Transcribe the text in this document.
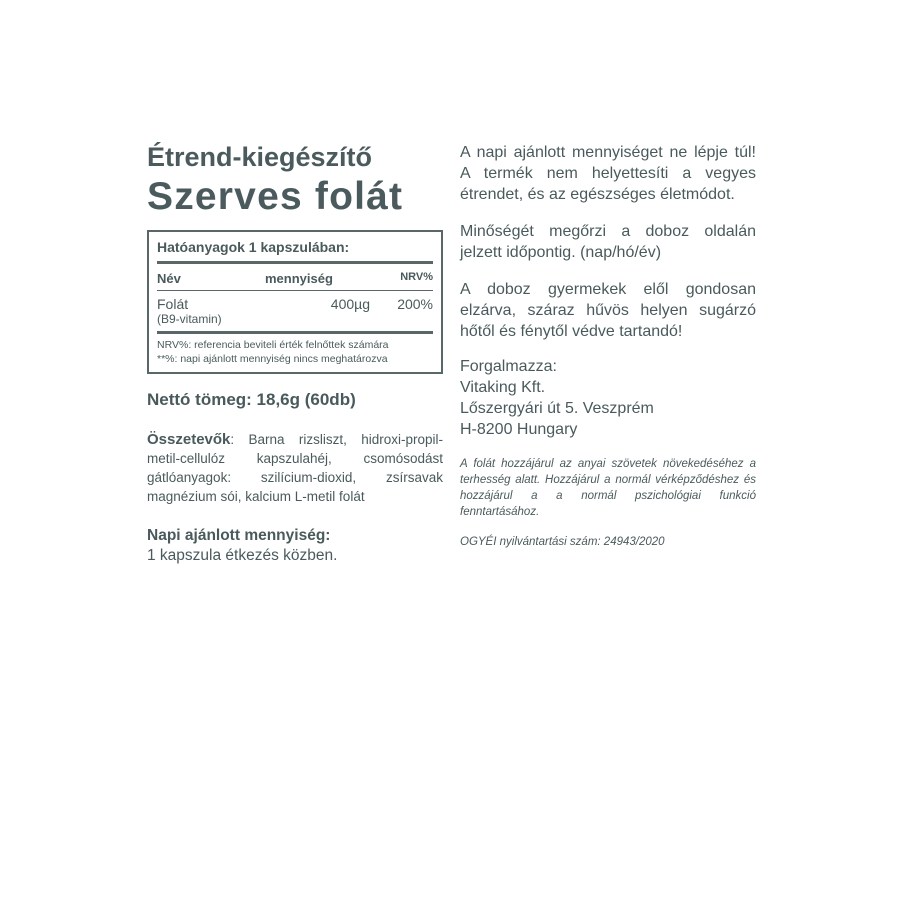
Étrend-kiegészítő
Szerves folát
Hatóanyagok 1 kapszulában:
Név	mennyiség	NRV%
Folát	400µg	200%
(B9-vitamin)
NRV%: referencia beviteli érték felnőttek számára
**%: napi ajánlott mennyiség nincs meghatározva
Nettó tömeg: 18,6g (60db)
Összetevők: Barna rizsliszt, hidroxi-propil-metil-cellulóz kapszulahéj, csomósodást gátlóanyagok: szilícium-dioxid, zsírsavak magnézium sói, kalcium L-metil folát
Napi ajánlott mennyiség:
1 kapszula étkezés közben.

A napi ajánlott mennyiséget ne lépje túl! A termék nem helyettesíti a vegyes étrendet, és az egészséges életmódot.

Minőségét megőrzi a doboz oldalán jelzett időpontig. (nap/hó/év)

A doboz gyermekek elől gondosan elzárva, száraz hűvös helyen sugárzó hőtől és fénytől védve tartandó!

Forgalmazza:
Vitaking Kft.
Lőszergyári út 5. Veszprém
H-8200 Hungary
A folát hozzájárul az anyai szövetek növekedéséhez a terhesség alatt. Hozzájárul a normál vérképződéshez és hozzájárul a a normál pszichológiai funkció fenntartásához.
OGYÉI nyilvántartási szám: 24943/2020
